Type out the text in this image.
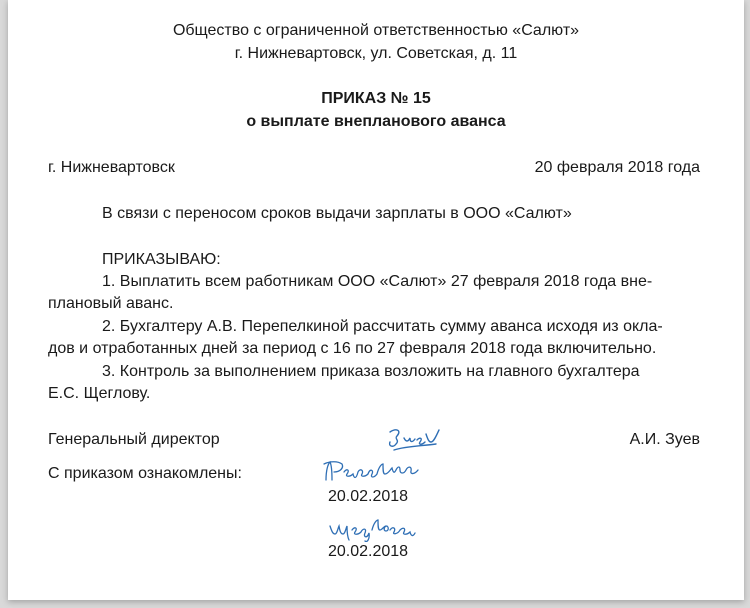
Общество с ограниченной ответственностью «Салют»
г. Нижневартовск, ул. Советская, д. 11
ПРИКАЗ № 15
о выплате внепланового аванса
г. Нижневартовск	20 февраля 2018 года
В связи с переносом сроков выдачи зарплаты в ООО «Салют»
ПРИКАЗЫВАЮ:
1. Выплатить всем работникам ООО «Салют» 27 февраля 2018 года вне-
плановый аванс.
2. Бухгалтеру А.В. Перепелкиной рассчитать сумму аванса исходя из окла-
дов и отработанных дней за период с 16 по 27 февраля 2018 года включительно.
3. Контроль за выполнением приказа возложить на главного бухгалтера
Е.С. Щеглову.
Генеральный директор	А.И. Зуев
С приказом ознакомлены:
20.02.2018
20.02.2018
